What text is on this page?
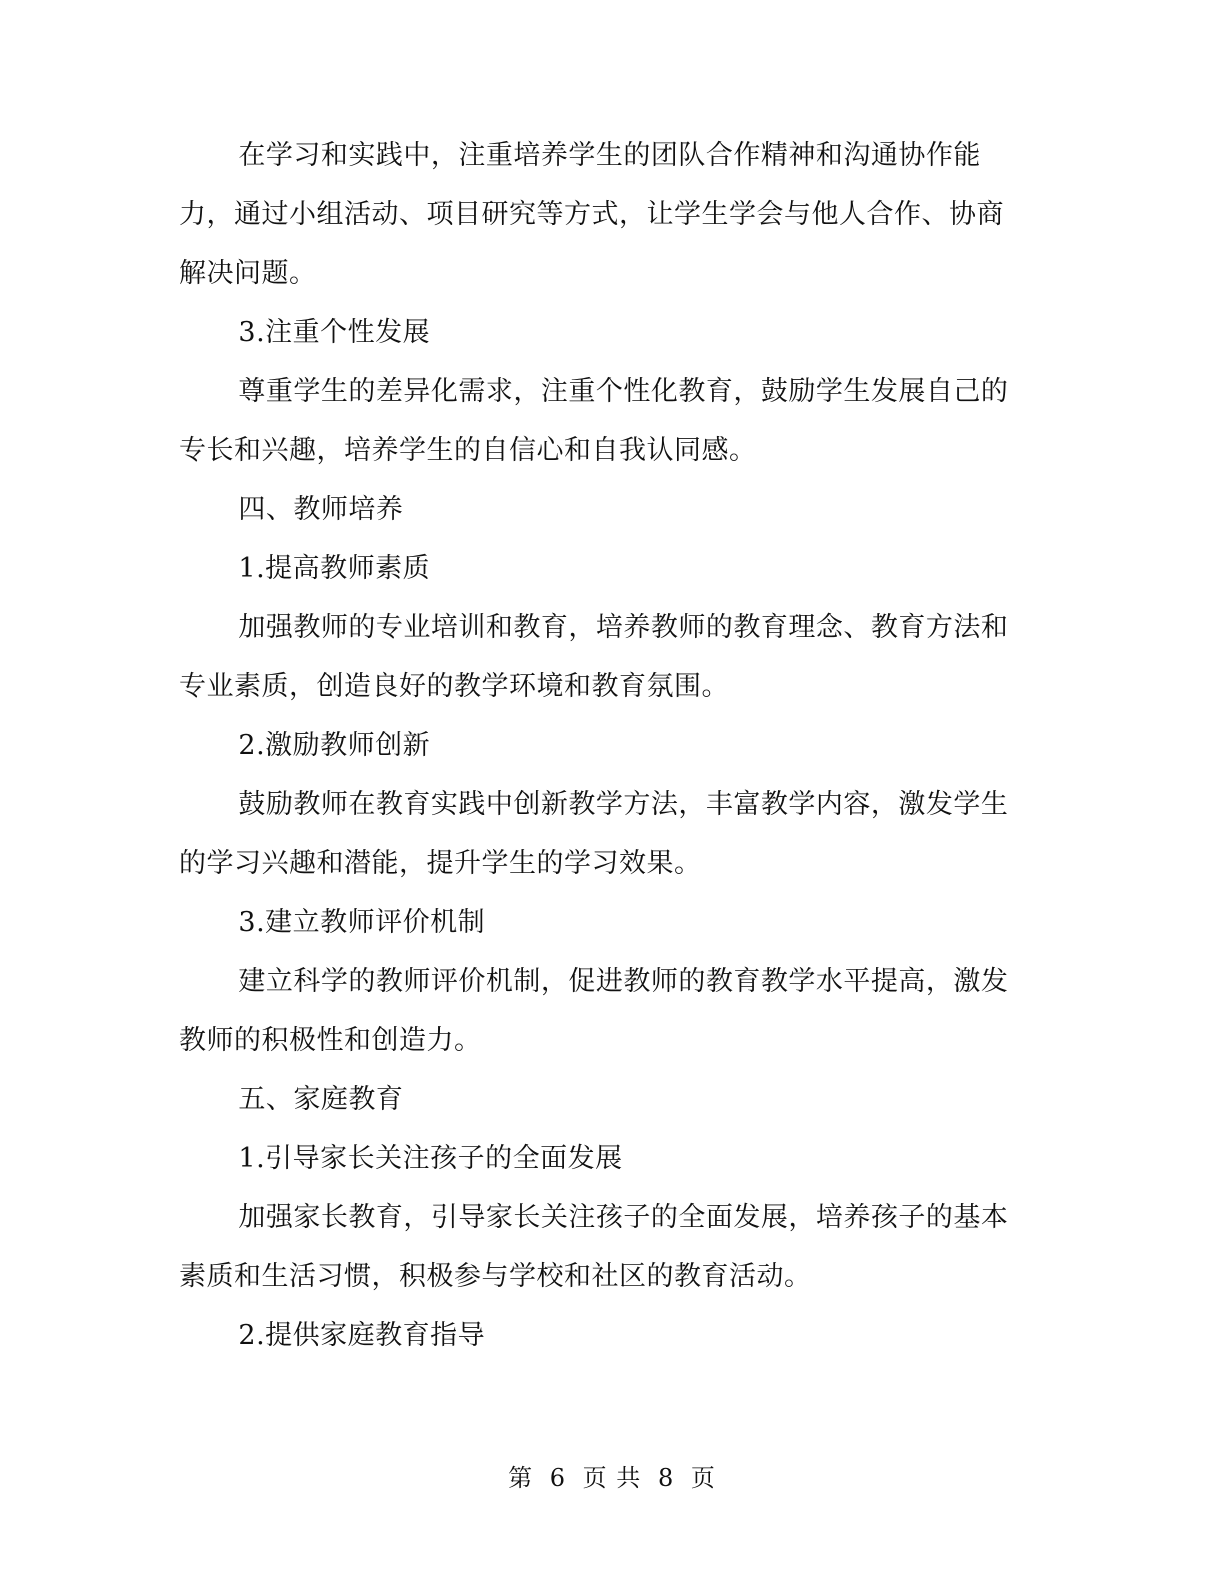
在学习和实践中，注重培养学生的团队合作精神和沟通协作能力，通过小组活动、项目研究等方式，让学生学会与他人合作、协商解决问题。

3.注重个性发展

尊重学生的差异化需求，注重个性化教育，鼓励学生发展自己的专长和兴趣，培养学生的自信心和自我认同感。

四、教师培养

1.提高教师素质

加强教师的专业培训和教育，培养教师的教育理念、教育方法和专业素质，创造良好的教学环境和教育氛围。

2.激励教师创新

鼓励教师在教育实践中创新教学方法，丰富教学内容，激发学生的学习兴趣和潜能，提升学生的学习效果。

3.建立教师评价机制

建立科学的教师评价机制，促进教师的教育教学水平提高，激发教师的积极性和创造力。

五、家庭教育

1.引导家长关注孩子的全面发展

加强家长教育，引导家长关注孩子的全面发展，培养孩子的基本素质和生活习惯，积极参与学校和社区的教育活动。

2.提供家庭教育指导

第 6 页 共 8 页
